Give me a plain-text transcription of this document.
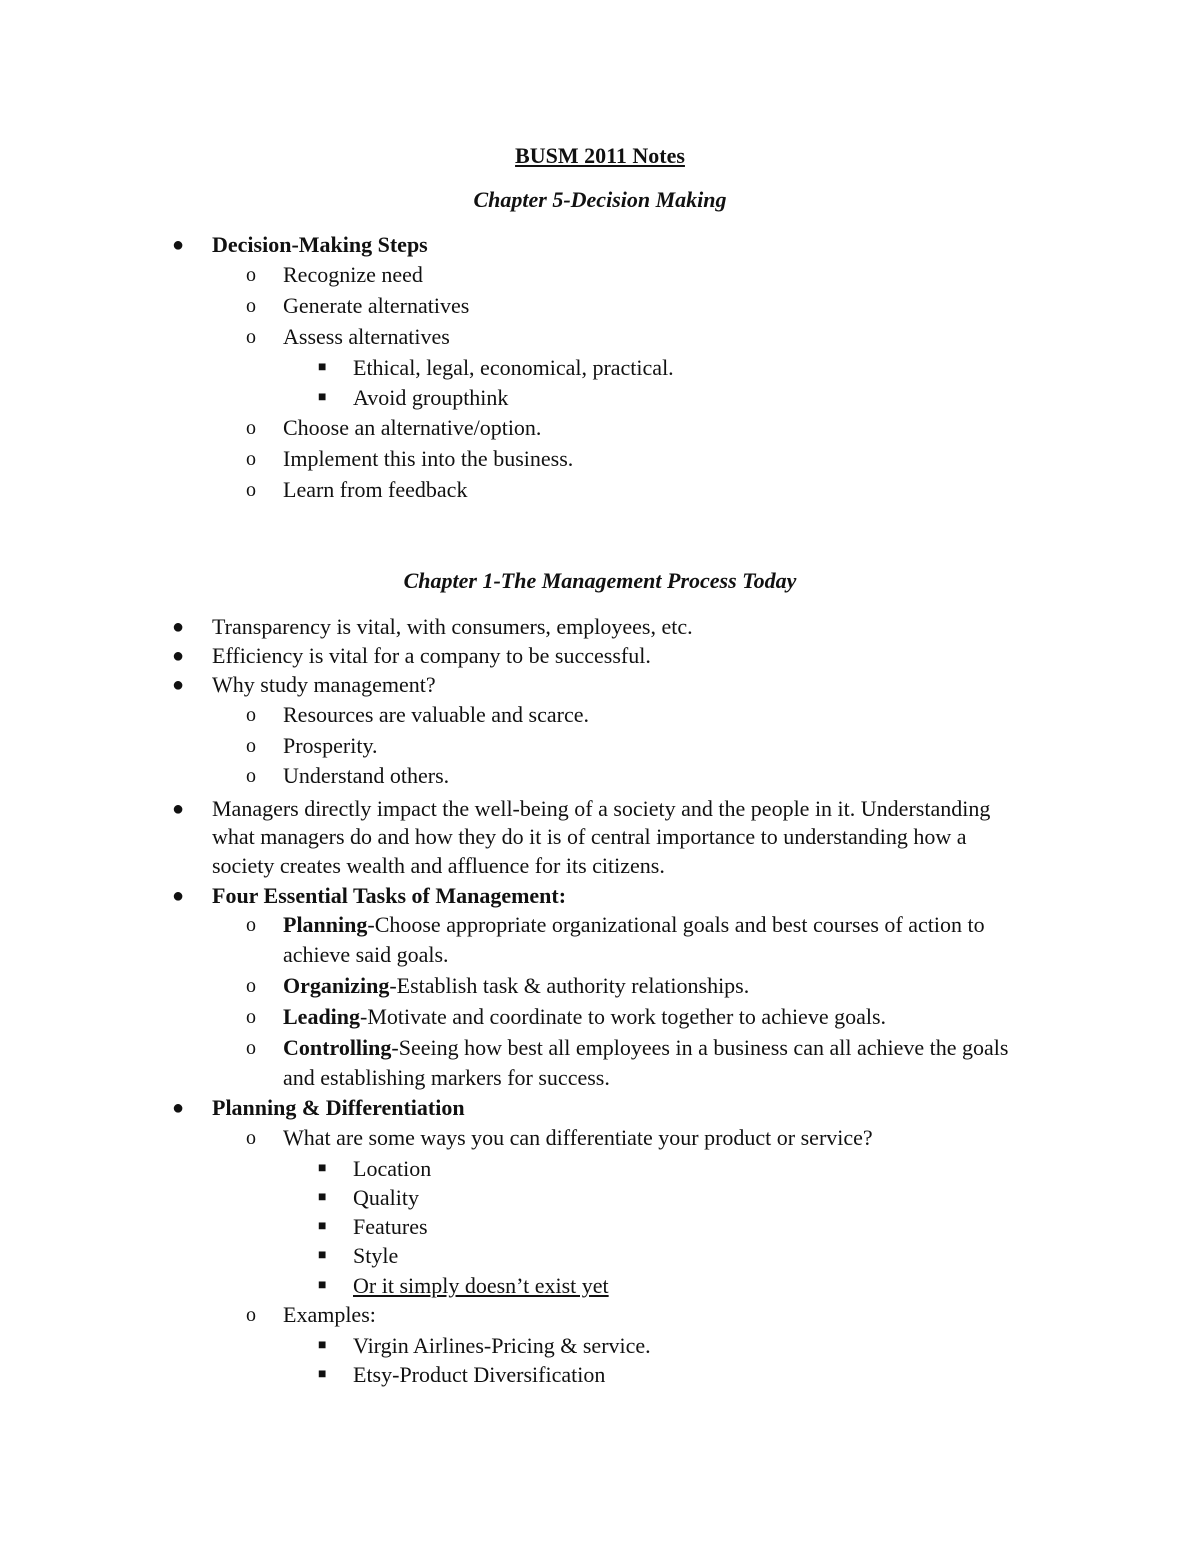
BUSM 2011 Notes
Chapter 5-Decision Making
● Decision-Making Steps
o Recognize need
o Generate alternatives
o Assess alternatives
■ Ethical, legal, economical, practical.
■ Avoid groupthink
o Choose an alternative/option.
o Implement this into the business.
o Learn from feedback
Chapter 1-The Management Process Today
● Transparency is vital, with consumers, employees, etc.
● Efficiency is vital for a company to be successful.
● Why study management?
o Resources are valuable and scarce.
o Prosperity.
o Understand others.
● Managers directly impact the well-being of a society and the people in it. Understanding
what managers do and how they do it is of central importance to understanding how a
society creates wealth and affluence for its citizens.
● Four Essential Tasks of Management:
o Planning-Choose appropriate organizational goals and best courses of action to
achieve said goals.
o Organizing-Establish task & authority relationships.
o Leading-Motivate and coordinate to work together to achieve goals.
o Controlling-Seeing how best all employees in a business can all achieve the goals
and establishing markers for success.
● Planning & Differentiation
o What are some ways you can differentiate your product or service?
■ Location
■ Quality
■ Features
■ Style
■ Or it simply doesn’t exist yet
o Examples:
■ Virgin Airlines-Pricing & service.
■ Etsy-Product Diversification
